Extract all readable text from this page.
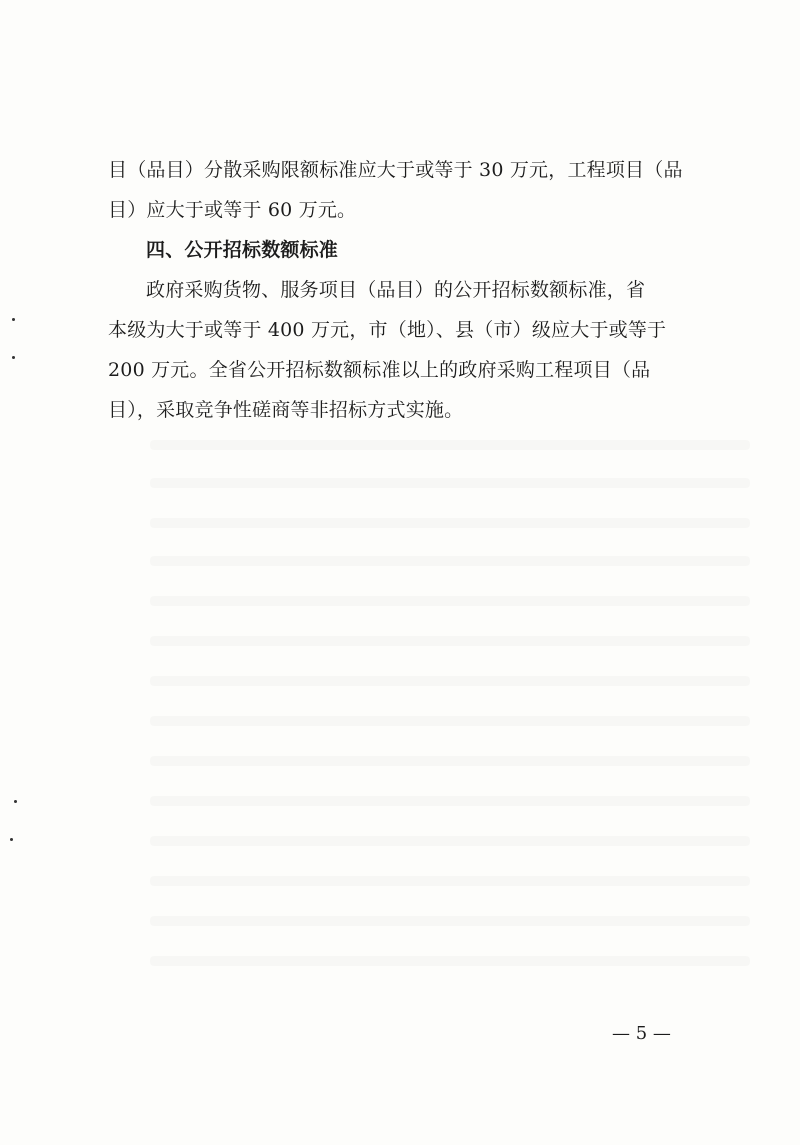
目（品目）分散采购限额标准应大于或等于 30 万元，工程项目（品
目）应大于或等于 60 万元。
四、公开招标数额标准
政府采购货物、服务项目（品目）的公开招标数额标准，省
本级为大于或等于 400 万元，市（地）、县（市）级应大于或等于
200 万元。全省公开招标数额标准以上的政府采购工程项目（品
目），采取竞争性磋商等非招标方式实施。
— 5 —
